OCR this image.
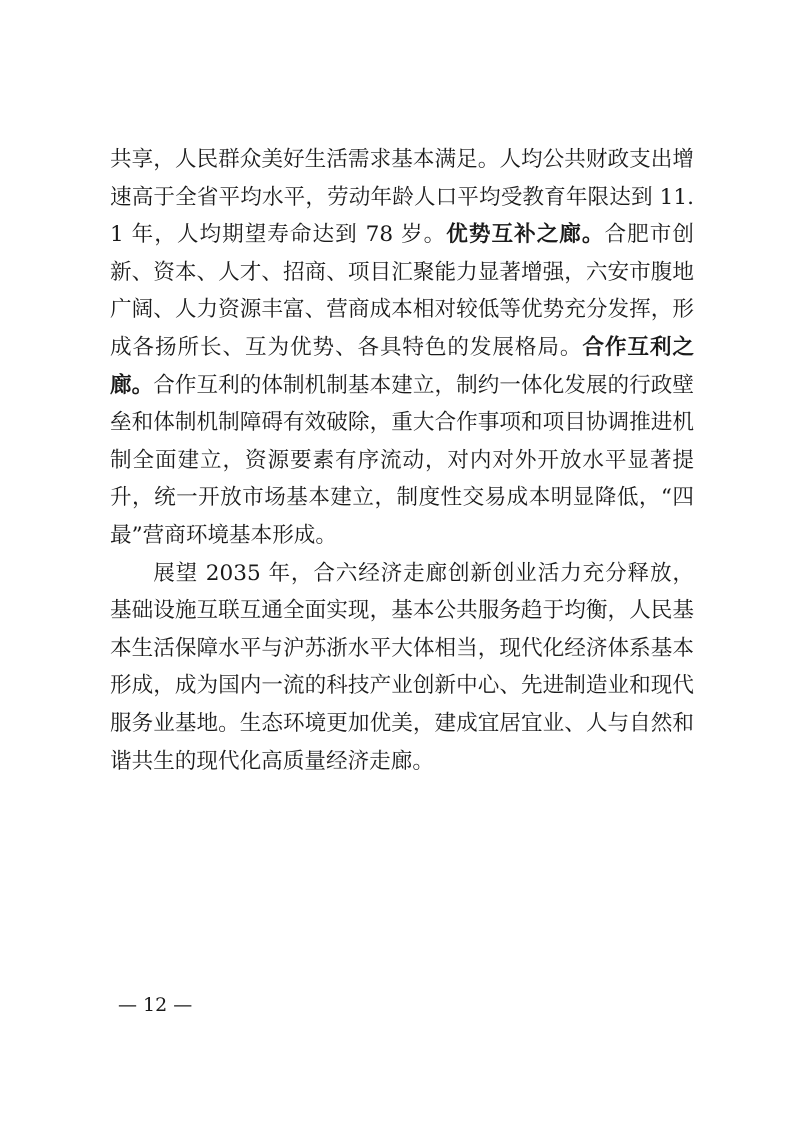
共享，人民群众美好生活需求基本满足。人均公共财政支出增速高于全省平均水平，劳动年龄人口平均受教育年限达到 11.1 年，人均期望寿命达到 78 岁。优势互补之廊。合肥市创新、资本、人才、招商、项目汇聚能力显著增强，六安市腹地广阔、人力资源丰富、营商成本相对较低等优势充分发挥，形成各扬所长、互为优势、各具特色的发展格局。合作互利之廊。合作互利的体制机制基本建立，制约一体化发展的行政壁垒和体制机制障碍有效破除，重大合作事项和项目协调推进机制全面建立，资源要素有序流动，对内对外开放水平显著提升，统一开放市场基本建立，制度性交易成本明显降低，“四最”营商环境基本形成。

展望 2035 年，合六经济走廊创新创业活力充分释放，基础设施互联互通全面实现，基本公共服务趋于均衡，人民基本生活保障水平与沪苏浙水平大体相当，现代化经济体系基本形成，成为国内一流的科技产业创新中心、先进制造业和现代服务业基地。生态环境更加优美，建成宜居宜业、人与自然和谐共生的现代化高质量经济走廊。

— 12 —
